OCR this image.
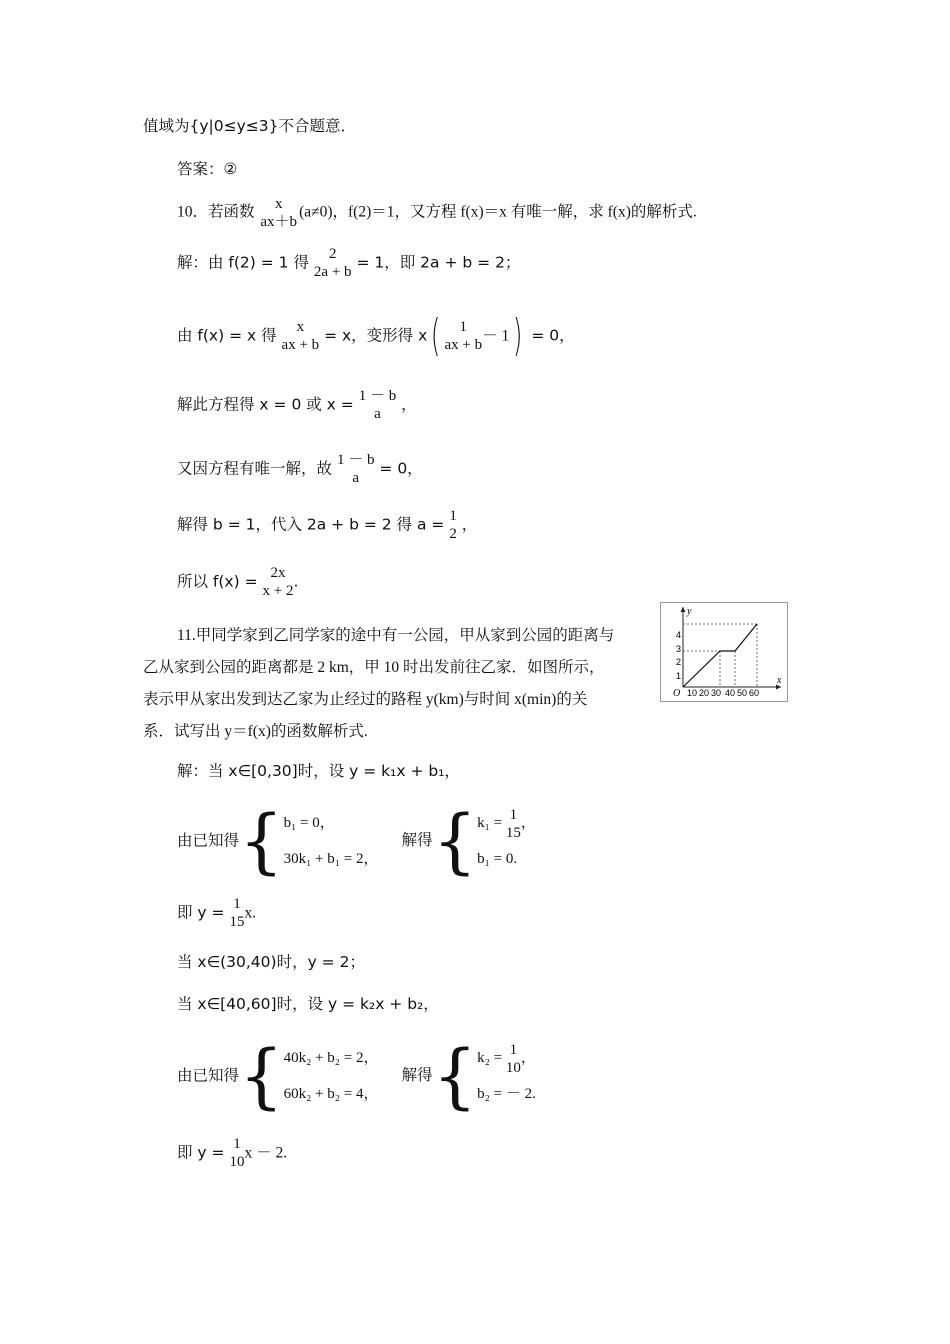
值域为{y|0≤y≤3}不合题意．
答案：②
10．若函数	x
ax＋b
(a≠0)，f(2)＝1，又方程 f(x)＝x 有唯一解，求 f(x)的解析式.
解：由 f(2) = 1 得	2
2a + b
= 1，即 2a + b = 2；
由 f(x) = x 得	x
ax + b
= x，变形得 x(	1
ax + b
－ 1) = 0，
解此方程得 x = 0 或 x = 1 － b
a
，
又因方程有唯一解，故 1 － b
a
= 0，
解得 b = 1，代入 2a + b = 2 得 a = 1
2
，
所以 f(x) = 2x
x + 2
.
11.甲同学家到乙同学家的途中有一公园，甲从家到公园的距离与
乙从家到公园的距离都是 2 km，甲 10 时出发前往乙家．如图所示，
表示甲从家出发到达乙家为止经过的路程 y(km)与时间 x(min)的关
系．试写出 y＝f(x)的函数解析式.
y
x
O
1
2
3
4
10 20 30 40 50 60
解：当 x∈[0,30]时，设 y = k₁x + b₁，
由已知得{ b₁ = 0，
30k₁ + b₁ = 2，
解得{ k₁ =
1
15
，
b₁ = 0.
即 y = 1
15
x.
当 x∈(30,40)时，y = 2；
当 x∈[40,60]时，设 y = k₂x + b₂，
由已知得{ 40k₂ + b₂ = 2，
60k₂ + b₂ = 4，
解得{ k₂ =
1
10
，
b₂ = － 2.
即 y = 1
10
x － 2.
